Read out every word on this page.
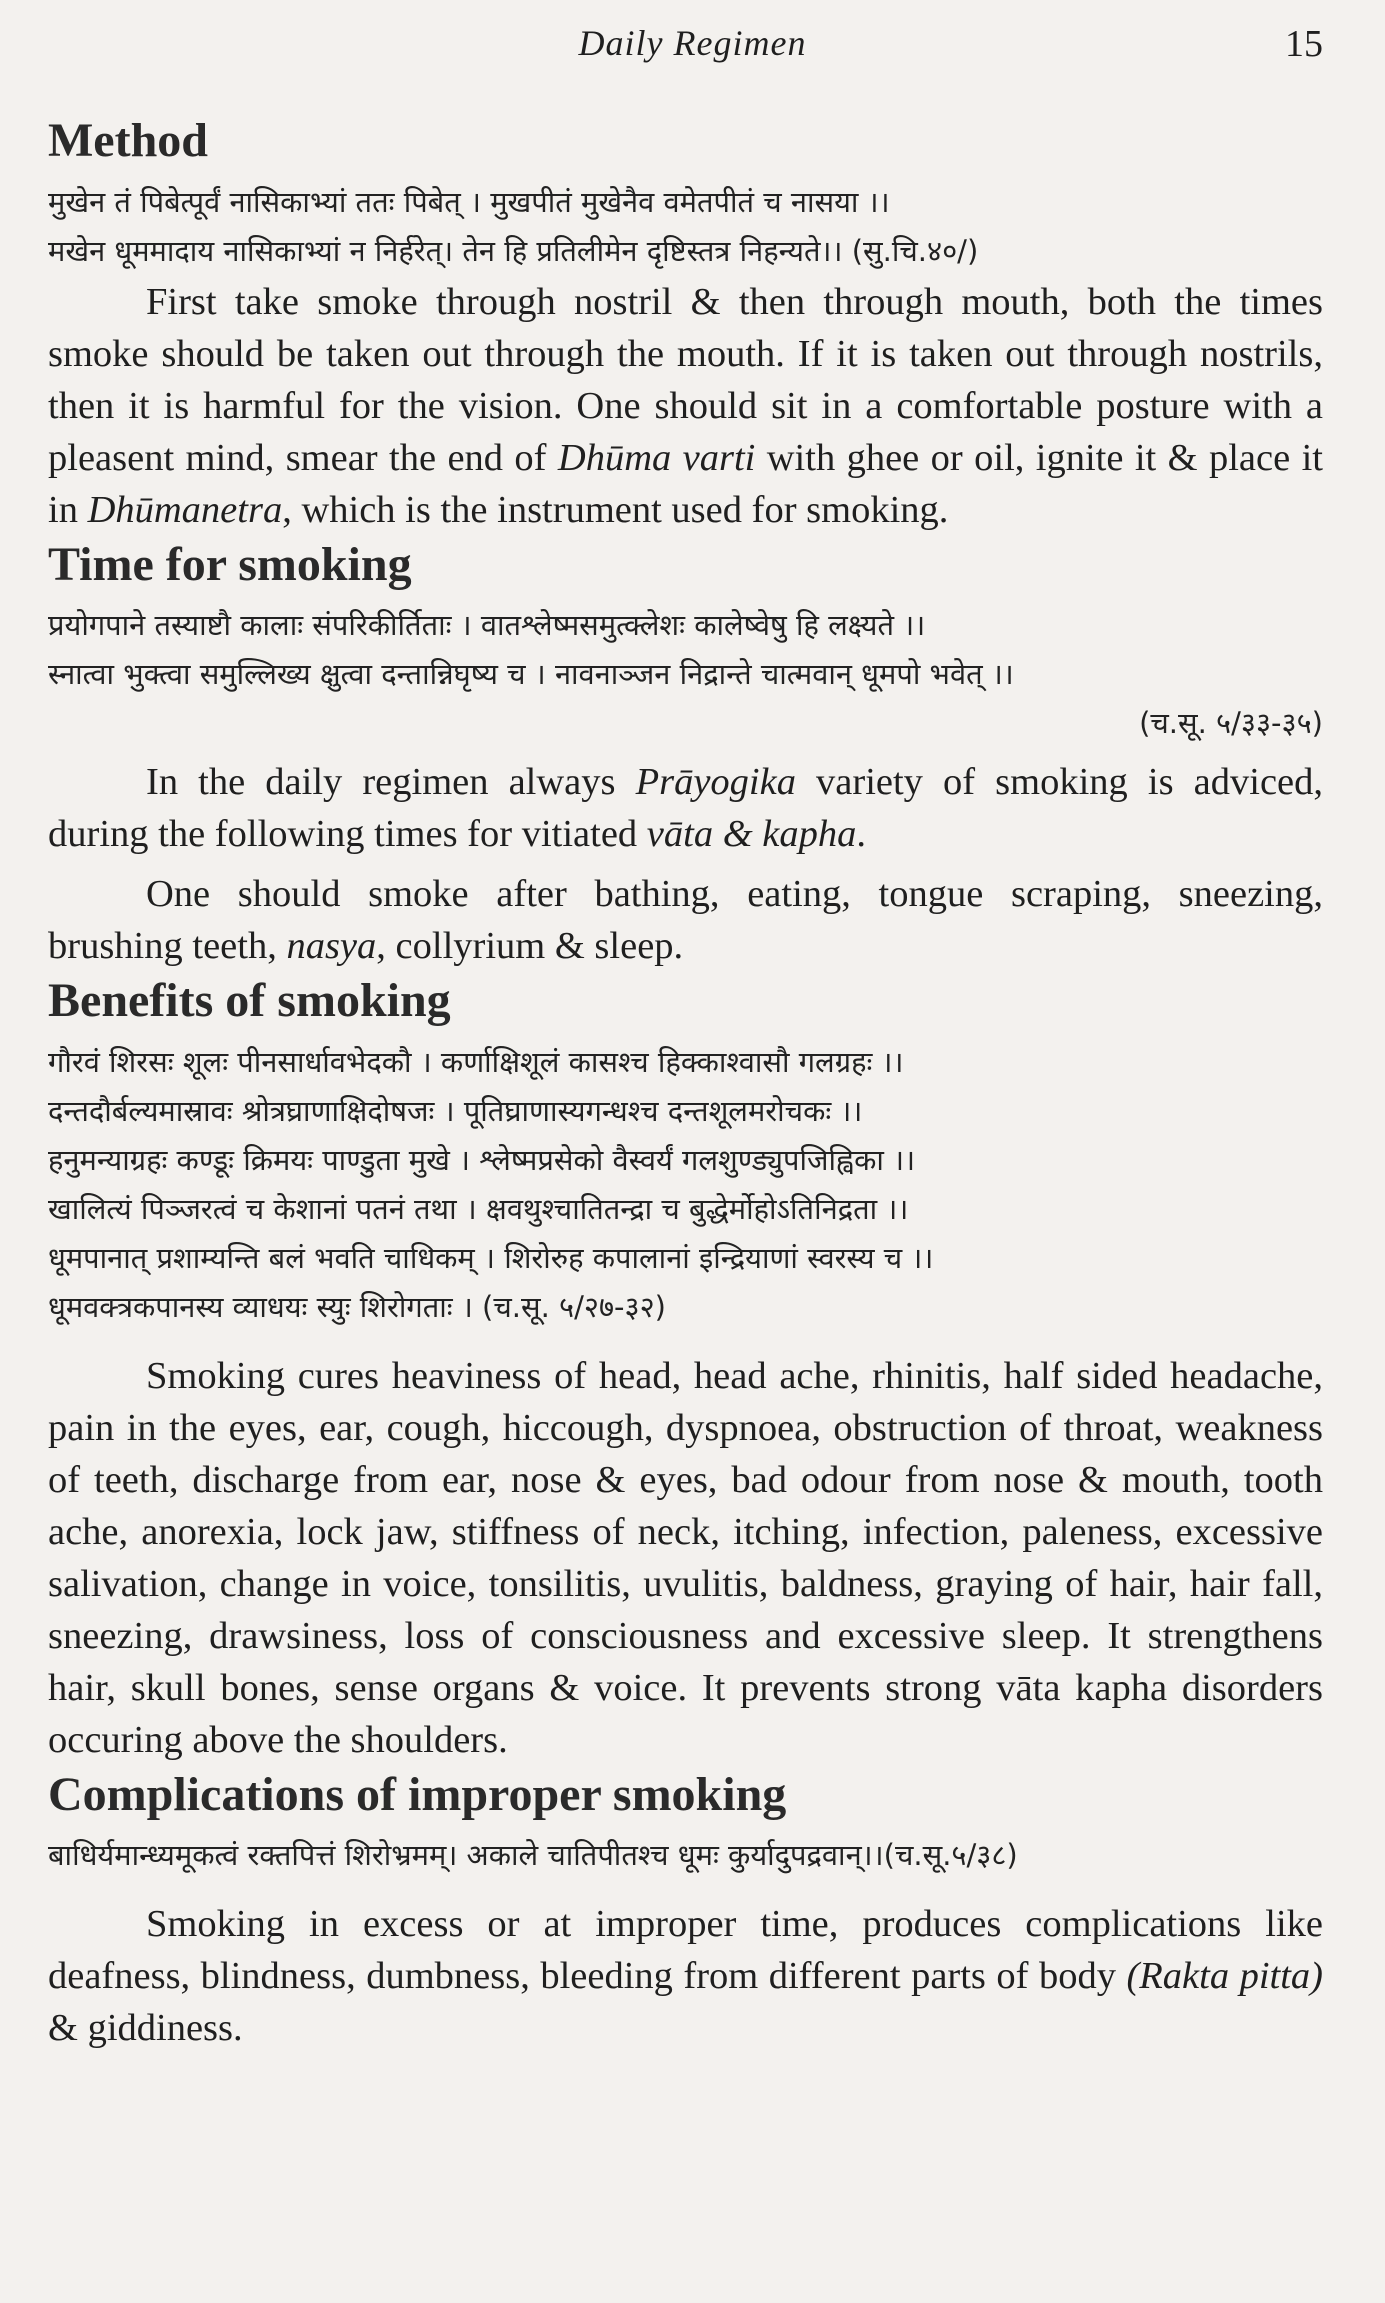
Daily Regimen	15
Method
मुखेन तं पिबेत्पूर्वं नासिकाभ्यां ततः पिबेत् । मुखपीतं मुखेनैव वमेतपीतं च नासया ।।
मखेन धूममादाय नासिकाभ्यां न निर्हरेत्। तेन हि प्रतिलीमेन दृष्टिस्तत्र निहन्यते।। (सु.चि.४०/)

First take smoke through nostril & then through mouth, both the times smoke should be taken out through the mouth. If it is taken out through nostrils, then it is harmful for the vision. One should sit in a comfortable posture with a pleasent mind, smear the end of Dhūma varti with ghee or oil, ignite it & place it in Dhūmanetra, which is the instrument used for smoking.

Time for smoking
प्रयोगपाने तस्याष्टौ कालाः संपरिकीर्तिताः । वातश्लेष्मसमुत्क्लेशः कालेष्वेषु हि लक्ष्यते ।।
स्नात्वा भुक्त्वा समुल्लिख्य क्षुत्वा दन्तान्निघृष्य च । नावनाञ्जन निद्रान्ते चात्मवान् धूमपो भवेत् ।।
(च.सू. ५/३३-३५)

In the daily regimen always Prāyogika variety of smoking is adviced, during the following times for vitiated vāta & kapha.

One should smoke after bathing, eating, tongue scraping, sneezing, brushing teeth, nasya, collyrium & sleep.

Benefits of smoking
गौरवं शिरसः शूलः पीनसार्धावभेदकौ । कर्णाक्षिशूलं कासश्च हिक्काश्वासौ गलग्रहः ।।
दन्तदौर्बल्यमास्रावः श्रोत्रघ्राणाक्षिदोषजः । पूतिघ्राणास्यगन्धश्च दन्तशूलमरोचकः ।।
हनुमन्याग्रहः कण्डूः क्रिमयः पाण्डुता मुखे । श्लेष्मप्रसेको वैस्वर्यं गलशुण्ड्युपजिह्विका ।।
खालित्यं पिञ्जरत्वं च केशानां पतनं तथा । क्षवथुश्चातितन्द्रा च बुद्धेर्मोहोऽतिनिद्रता ।।
धूमपानात् प्रशाम्यन्ति बलं भवति चाधिकम् । शिरोरुह कपालानां इन्द्रियाणां स्वरस्य च ।।
धूमवक्त्रकपानस्य व्याधयः स्युः शिरोगताः । (च.सू. ५/२७-३२)

Smoking cures heaviness of head, head ache, rhinitis, half sided headache, pain in the eyes, ear, cough, hiccough, dyspnoea, obstruction of throat, weakness of teeth, discharge from ear, nose & eyes, bad odour from nose & mouth, tooth ache, anorexia, lock jaw, stiffness of neck, itching, infection, paleness, excessive salivation, change in voice, tonsilitis, uvulitis, baldness, graying of hair, hair fall, sneezing, drawsiness, loss of consciousness and excessive sleep. It strengthens hair, skull bones, sense organs & voice. It prevents strong vāta kapha disorders occuring above the shoulders.

Complications of improper smoking
बाधिर्यमान्ध्यमूकत्वं रक्तपित्तं शिरोभ्रमम्। अकाले चातिपीतश्च धूमः कुर्यादुपद्रवान्।।(च.सू.५/३८)

Smoking in excess or at improper time, produces complications like deafness, blindness, dumbness, bleeding from different parts of body (Rakta pitta) & giddiness.
